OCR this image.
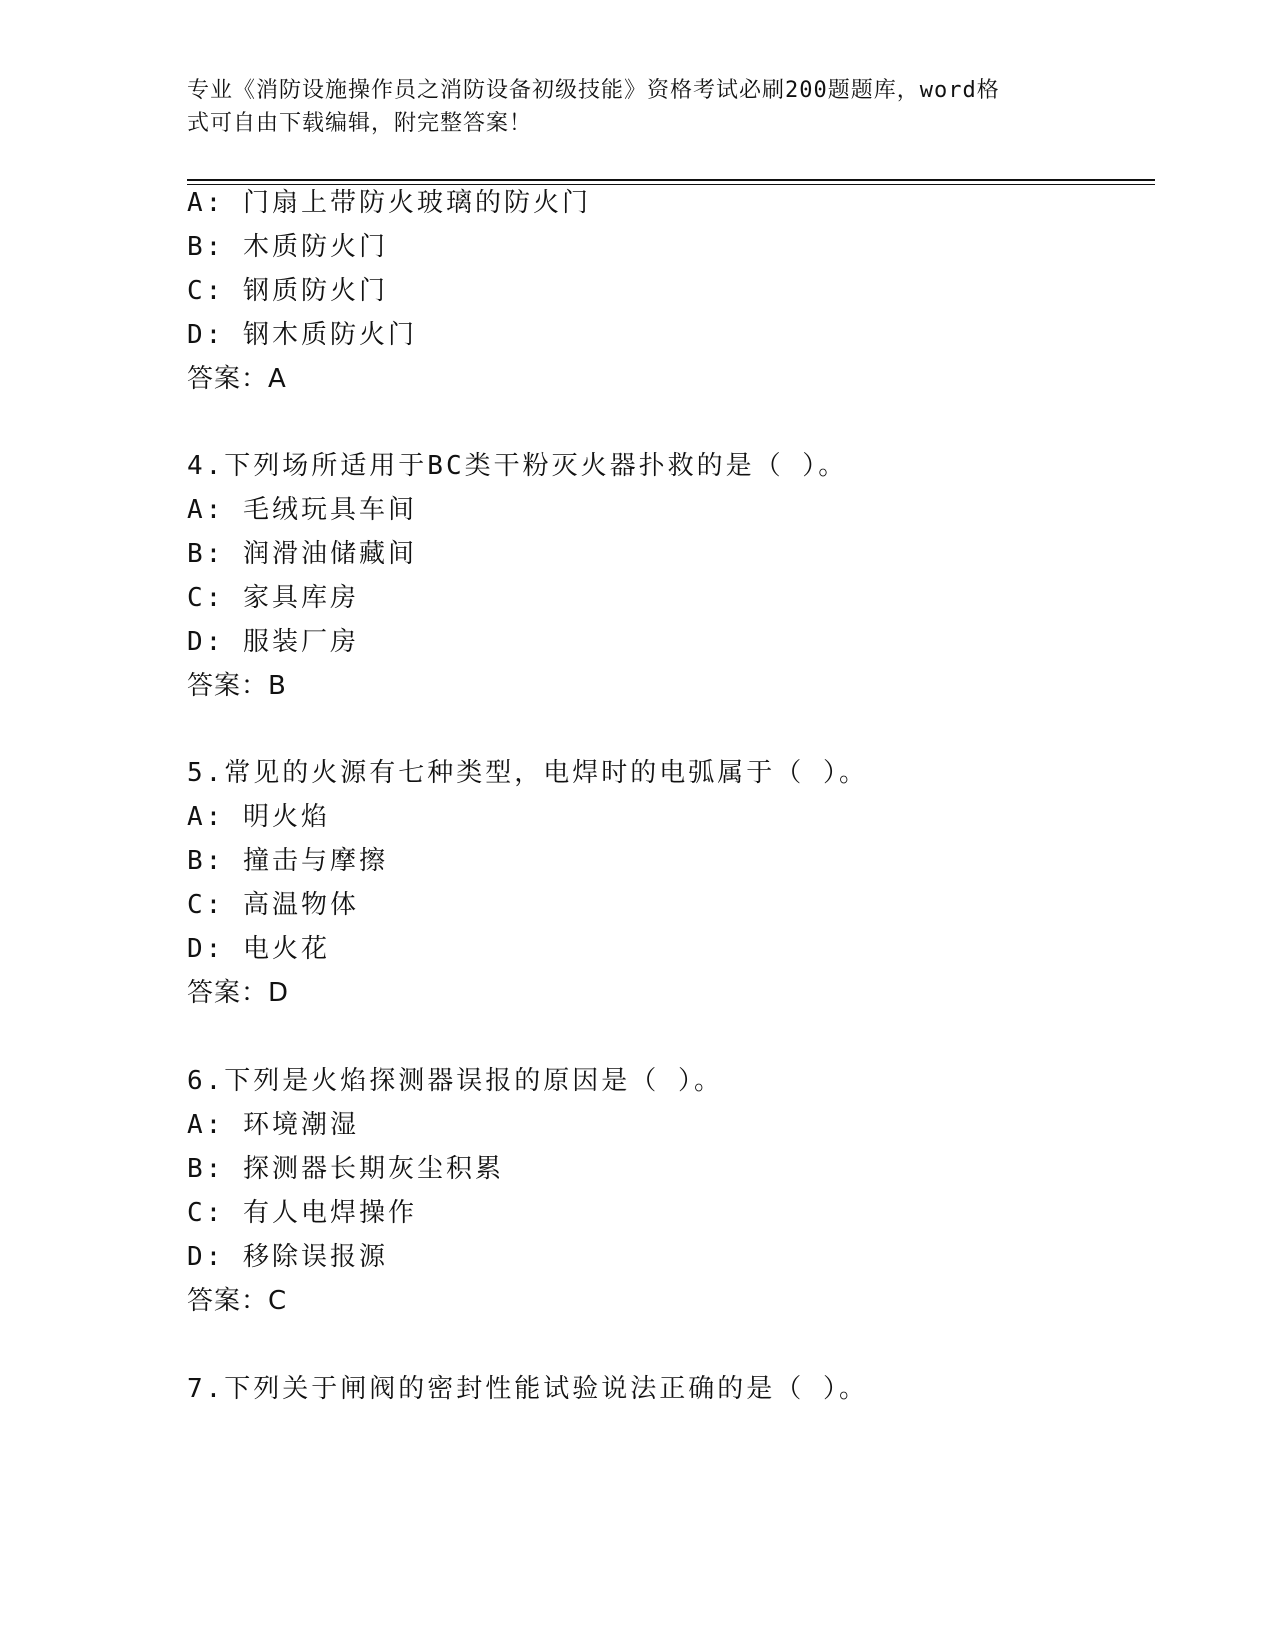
专业《消防设施操作员之消防设备初级技能》资格考试必刷200题题库，word格
式可自由下载编辑，附完整答案！
A: 门扇上带防火玻璃的防火门
B: 木质防火门
C: 钢质防火门
D: 钢木质防火门
答案：A
4.下列场所适用于BC类干粉灭火器扑救的是（ ）。
A: 毛绒玩具车间
B: 润滑油储藏间
C: 家具库房
D: 服装厂房
答案：B
5.常见的火源有七种类型，电焊时的电弧属于（ ）。
A: 明火焰
B: 撞击与摩擦
C: 高温物体
D: 电火花
答案：D
6.下列是火焰探测器误报的原因是（ ）。
A: 环境潮湿
B: 探测器长期灰尘积累
C: 有人电焊操作
D: 移除误报源
答案：C
7.下列关于闸阀的密封性能试验说法正确的是（ ）。
